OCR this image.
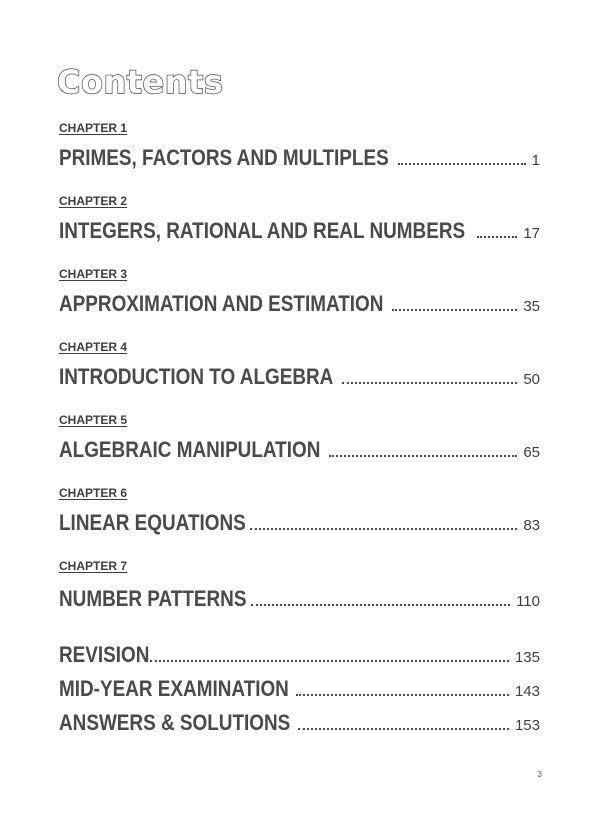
Contents
CHAPTER 1
PRIMES, FACTORS AND MULTIPLES	1
CHAPTER 2
INTEGERS, RATIONAL AND REAL NUMBERS	17
CHAPTER 3
APPROXIMATION AND ESTIMATION	35
CHAPTER 4
INTRODUCTION TO ALGEBRA	50
CHAPTER 5
ALGEBRAIC MANIPULATION	65
CHAPTER 6
LINEAR EQUATIONS	83
CHAPTER 7
NUMBER PATTERNS	110
REVISION	135
MID-YEAR EXAMINATION	143
ANSWERS & SOLUTIONS	153
3
